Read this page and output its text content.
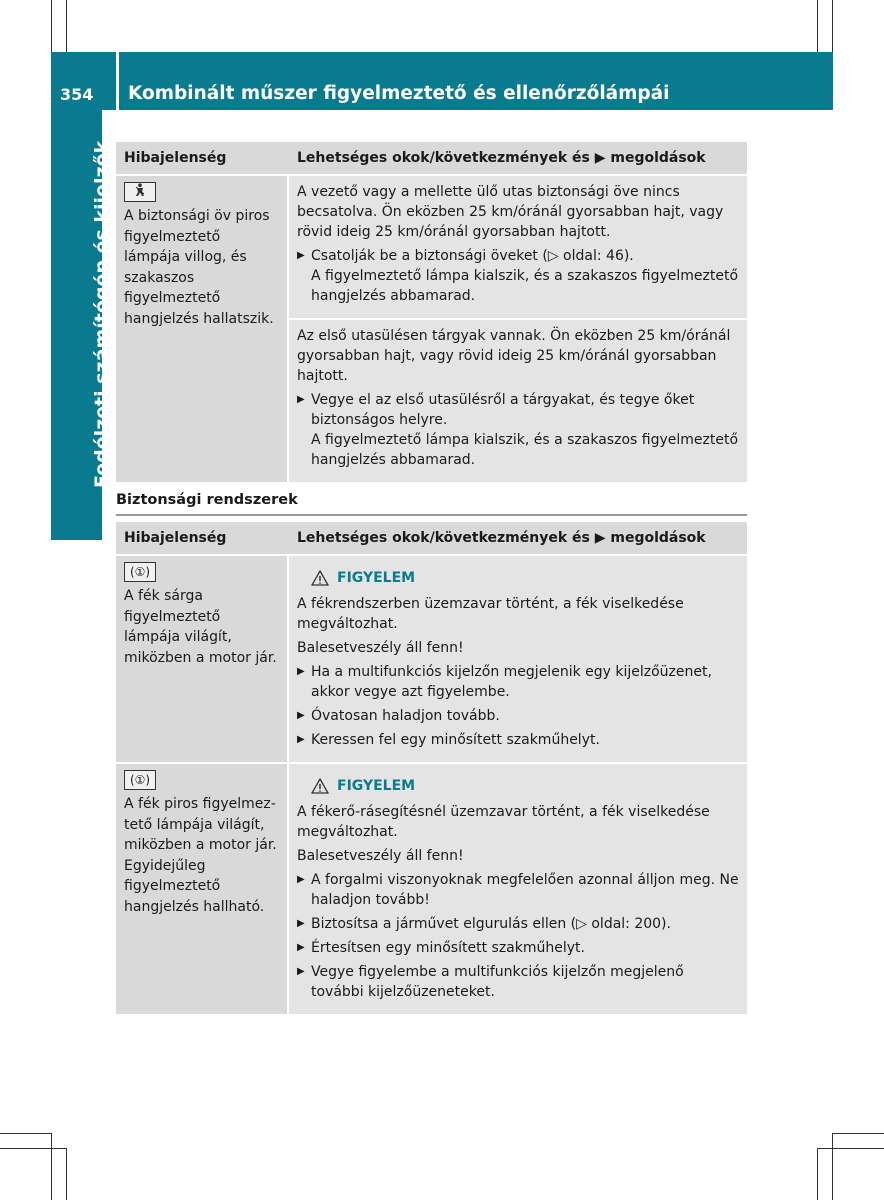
354 Kombinált műszer figyelmeztető és ellenőrzőlámpái
Fedélzeti számítógép és kijelzők Hibajelenség	Lehetséges okok/következmények és ▶ megoldások
A biztonsági öv piros figyelmeztető lámpája villog, és szakaszos figyelmeztető hangjelzés hallatszik.

A vezető vagy a mellette ülő utas biztonsági öve nincs becsatolva. Ön eközben 25 km/óránál gyorsabban hajt, vagy rövid ideig 25 km/óránál gyorsabban hajtott.

▶ Csatolják be a biztonsági öveket (▷ oldal: 46).
A figyelmeztető lámpa kialszik, és a szakaszos figyelmeztető hangjelzés abbamarad.

Az első utasülésen tárgyak vannak. Ön eközben 25 km/óránál gyorsabban hajt, vagy rövid ideig 25 km/óránál gyorsabban hajtott.

▶ Vegye el az első utasülésről a tárgyakat, és tegye őket biztonságos helyre.
A figyelmeztető lámpa kialszik, és a szakaszos figyelmeztető hangjelzés abbamarad.
Biztonsági rendszerek
Hibajelenség	Lehetséges okok/következmények és ▶ megoldások
(①)
A fék sárga figyelmeztető lámpája világít, miközben a motor jár.
FIGYELEM

A fékrendszerben üzemzavar történt, a fék viselkedése megváltozhat.

Balesetveszély áll fenn!

▶ Ha a multifunkciós kijelzőn megjelenik egy kijelzőüzenet, akkor vegye azt figyelembe.
▶ Óvatosan haladjon tovább.
▶ Keressen fel egy minősített szakműhelyt.
(①)
A fék piros figyelmeztető lámpája világít, miközben a motor jár. Egyidejűleg figyelmeztető hangjelzés hallható.
FIGYELEM

A fékerő-rásegítésnél üzemzavar történt, a fék viselkedése megváltozhat.

Balesetveszély áll fenn!

▶ A forgalmi viszonyoknak megfelelően azonnal álljon meg. Ne haladjon tovább!
▶ Biztosítsa a járművet elgurulás ellen (▷ oldal: 200).
▶ Értesítsen egy minősített szakműhelyt.
▶ Vegye figyelembe a multifunkciós kijelzőn megjelenő további kijelzőüzeneteket.
